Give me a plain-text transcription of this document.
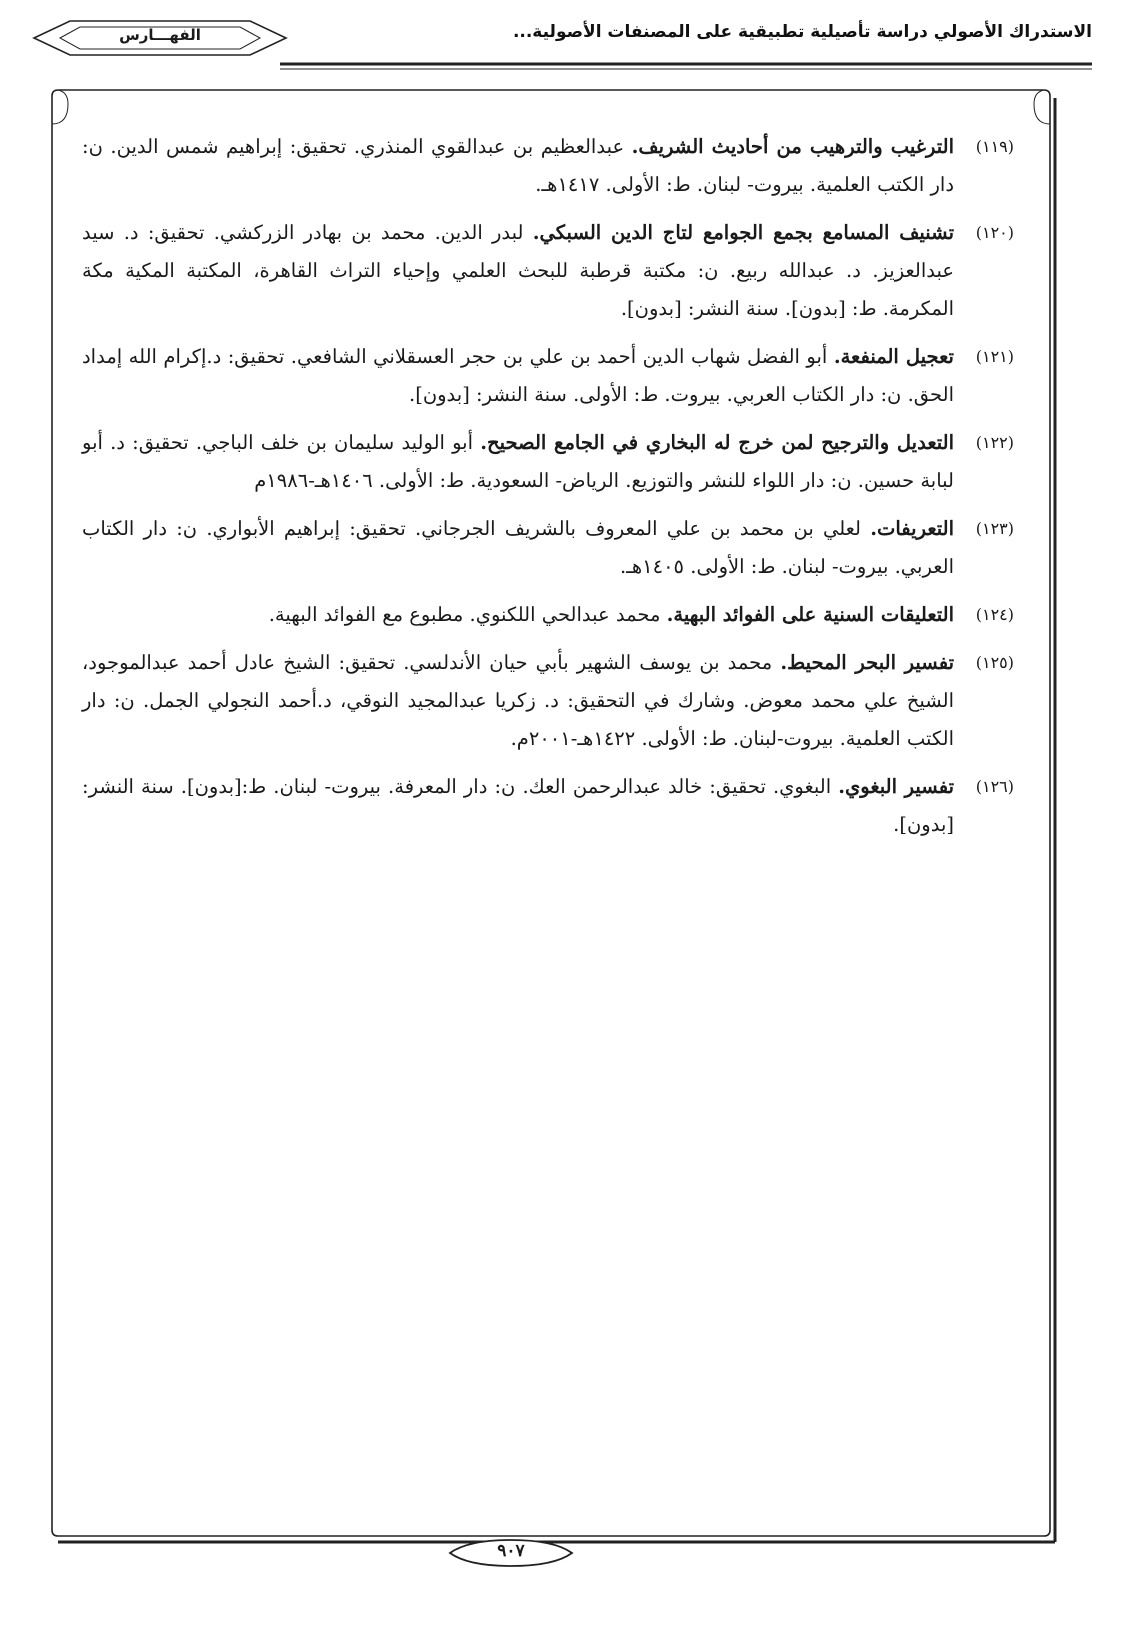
الاستدراك الأصولي دراسة تأصيلية تطبيقية على المصنفات الأصولية...
الفهـــارس
(١١٩)
الترغيب والترهيب من أحاديث الشريف. عبدالعظيم بن عبدالقوي المنذري. تحقيق: إبراهيم شمس الدين. ن: دار الكتب العلمية. بيروت- لبنان. ط: الأولى. ١٤١٧هـ.
(١٢٠)
تشنيف المسامع بجمع الجوامع لتاج الدين السبكي. لبدر الدين. محمد بن بهادر الزركشي. تحقيق: د. سيد عبدالعزيز. د. عبدالله ربيع. ن: مكتبة قرطبة للبحث العلمي وإحياء التراث القاهرة، المكتبة المكية مكة المكرمة. ط: [بدون]. سنة النشر: [بدون].
(١٢١)
تعجيل المنفعة. أبو الفضل شهاب الدين أحمد بن علي بن حجر العسقلاني الشافعي. تحقيق: د.إكرام الله إمداد الحق. ن: دار الكتاب العربي. بيروت. ط: الأولى. سنة النشر: [بدون].
(١٢٢)
التعديل والترجيح لمن خرج له البخاري في الجامع الصحيح. أبو الوليد سليمان بن خلف الباجي. تحقيق: د. أبو لبابة حسين. ن: دار اللواء للنشر والتوزيع. الرياض- السعودية. ط: الأولى. ١٤٠٦هـ-١٩٨٦م
(١٢٣)
التعريفات. لعلي بن محمد بن علي المعروف بالشريف الجرجاني. تحقيق: إبراهيم الأبواري. ن: دار الكتاب العربي. بيروت- لبنان. ط: الأولى. ١٤٠٥هـ.
(١٢٤)
التعليقات السنية على الفوائد البهية. محمد عبدالحي اللكنوي. مطبوع مع الفوائد البهية.
(١٢٥)
تفسير البحر المحيط. محمد بن يوسف الشهير بأبي حيان الأندلسي. تحقيق: الشيخ عادل أحمد عبدالموجود، الشيخ علي محمد معوض. وشارك في التحقيق: د. زكريا عبدالمجيد النوقي، د.أحمد النجولي الجمل. ن: دار الكتب العلمية. بيروت-لبنان. ط: الأولى. ١٤٢٢هـ-٢٠٠١م.
(١٢٦)
تفسير البغوي. البغوي. تحقيق: خالد عبدالرحمن العك. ن: دار المعرفة. بيروت- لبنان. ط:[بدون]. سنة النشر: [بدون].
٩٠٧
